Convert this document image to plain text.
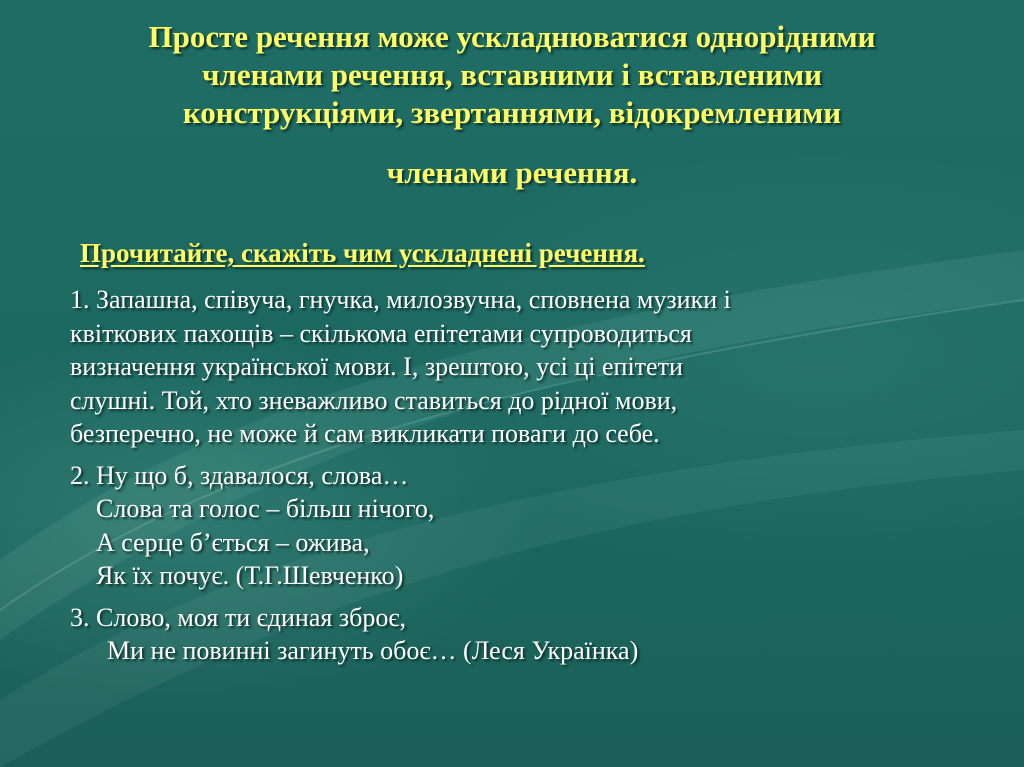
Просте речення може ускладнюватися однорідними
членами речення, вставними і вставленими
конструкціями, звертаннями, відокремленими
членами речення.

Прочитайте, скажіть чим ускладнені речення.

1. Запашна, співуча, гнучка, милозвучна, сповнена музики і
квіткових пахощів – скількома епітетами супроводиться
визначення української мови. І, зрештою, усі ці епітети
слушні. Той, хто зневажливо ставиться до рідної мови,
безперечно, не може й сам викликати поваги до себе.

2. Ну що б, здавалося, слова…

Слова та голос – більш нічого,

А серце б’ється – ожива,

Як їх почує. (Т.Г.Шевченко)

3. Слово, моя ти єдиная зброє,

Ми не повинні загинуть обоє… (Леся Українка)
